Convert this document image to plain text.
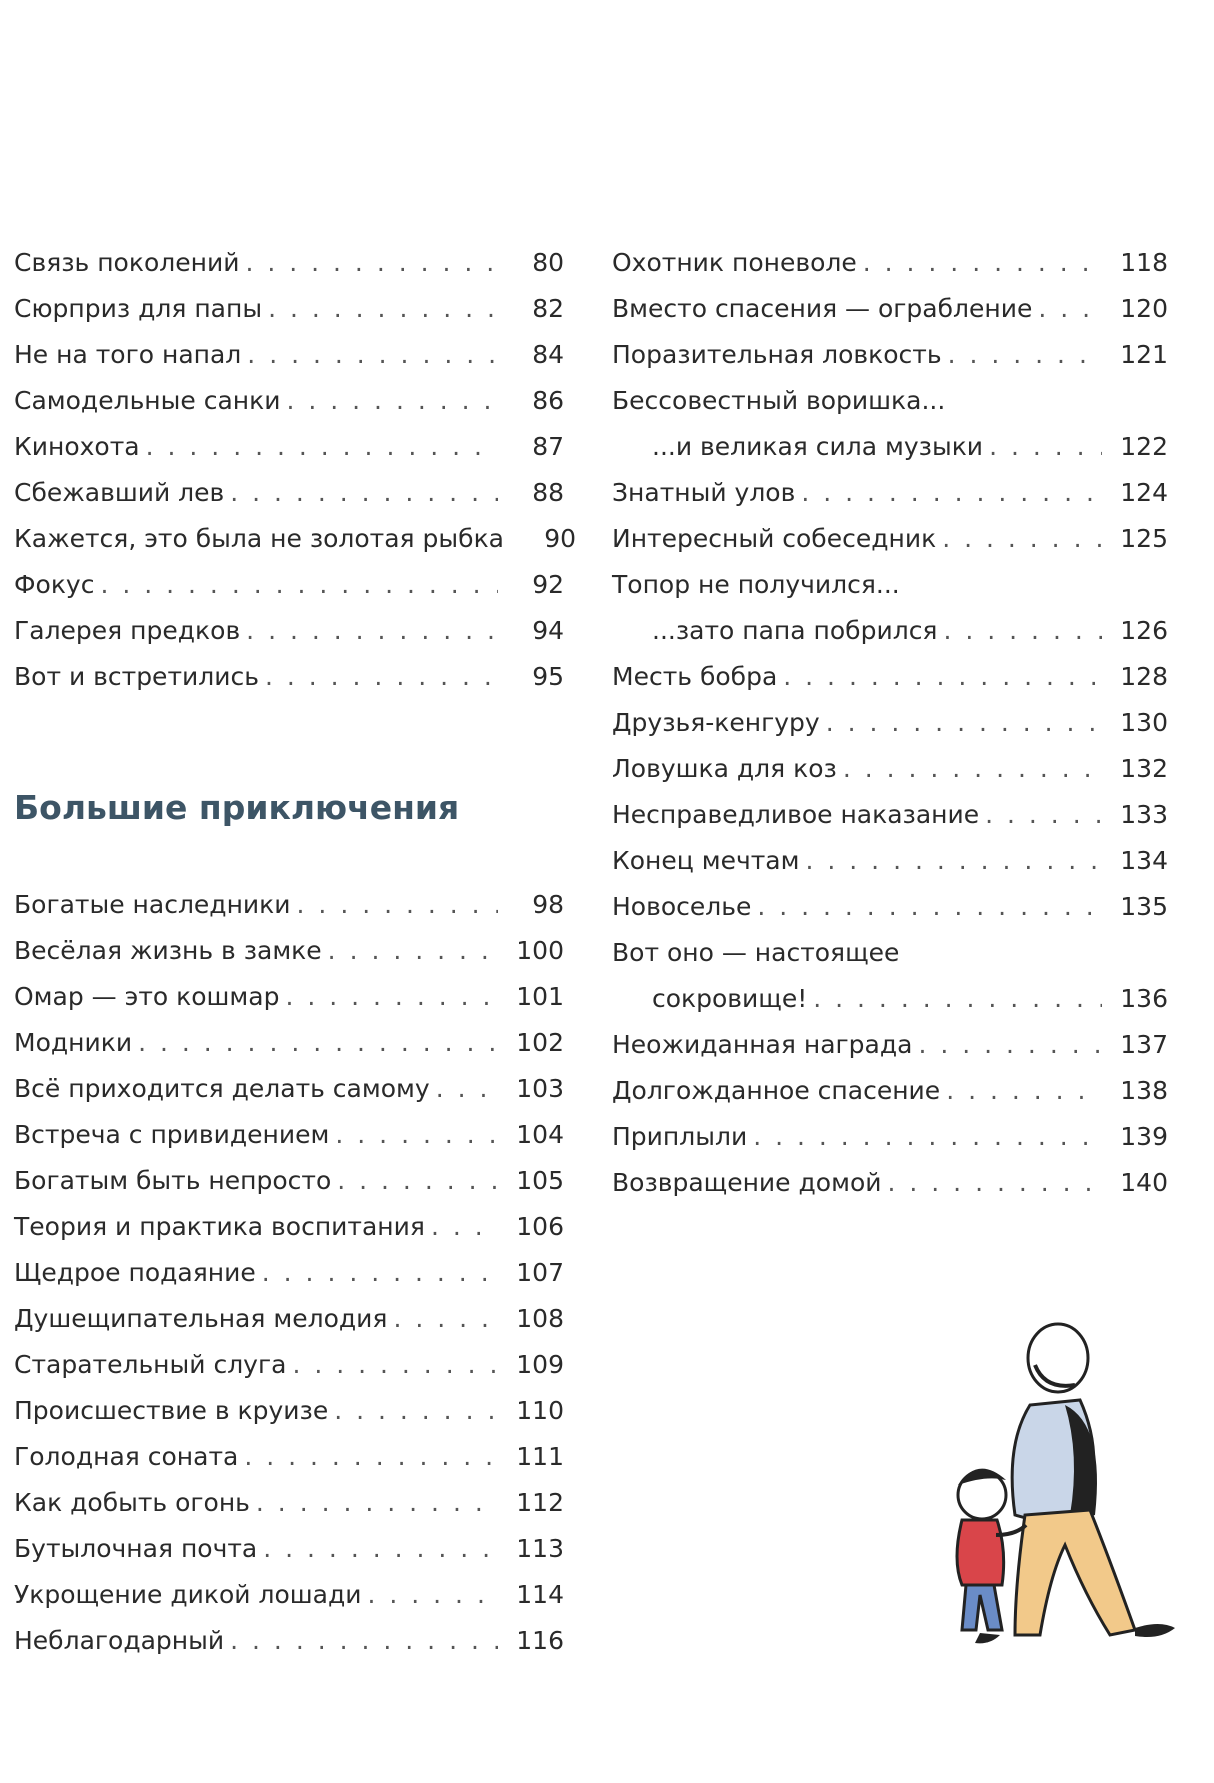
Связь поколений . . .	80
Сюрприз для папы . . .	82
Не на того напал . . .	84
Самодельные санки . . .	86
Кинохота . . .	87
Сбежавший лев . . .	88
Кажется, это была не золотая рыбка	90
Фокус . . .	92
Галерея предков . . .	94
Вот и встретились . . .	95
Большие приключения
Богатые наследники . . .	98
Весёлая жизнь в замке . . .	100
Омар — это кошмар . . .	101
Модники . . .	102
Всё приходится делать самому . . .	103
Встреча с привидением . . .	104
Богатым быть непросто . . .	105
Теория и практика воспитания . . .	106
Щедрое подаяние . . .	107
Душещипательная мелодия . . .	108
Старательный слуга . . .	109
Происшествие в круизе . . .	110
Голодная соната . . .	111
Как добыть огонь . . .	112
Бутылочная почта . . .	113
Укрощение дикой лошади . . .	114
Неблагодарный . . .	116
Охотник поневоле . . .	118
Вместо спасения — ограбление . . .	120
Поразительная ловкость . . .	121
Бессовестный воришка...
...и великая сила музыки . . .	122
Знатный улов . . .	124
Интересный собеседник . . .	125
Топор не получился...
...зато папа побрился . . .	126
Месть бобра . . .	128
Друзья-кенгуру . . .	130
Ловушка для коз . . .	132
Несправедливое наказание . . .	133
Конец мечтам . . .	134
Новоселье . . .	135
Вот оно — настоящее
сокровище! . . .	136
Неожиданная награда . . .	137
Долгожданное спасение . . .	138
Приплыли . . .	139
Возвращение домой . . .	140
